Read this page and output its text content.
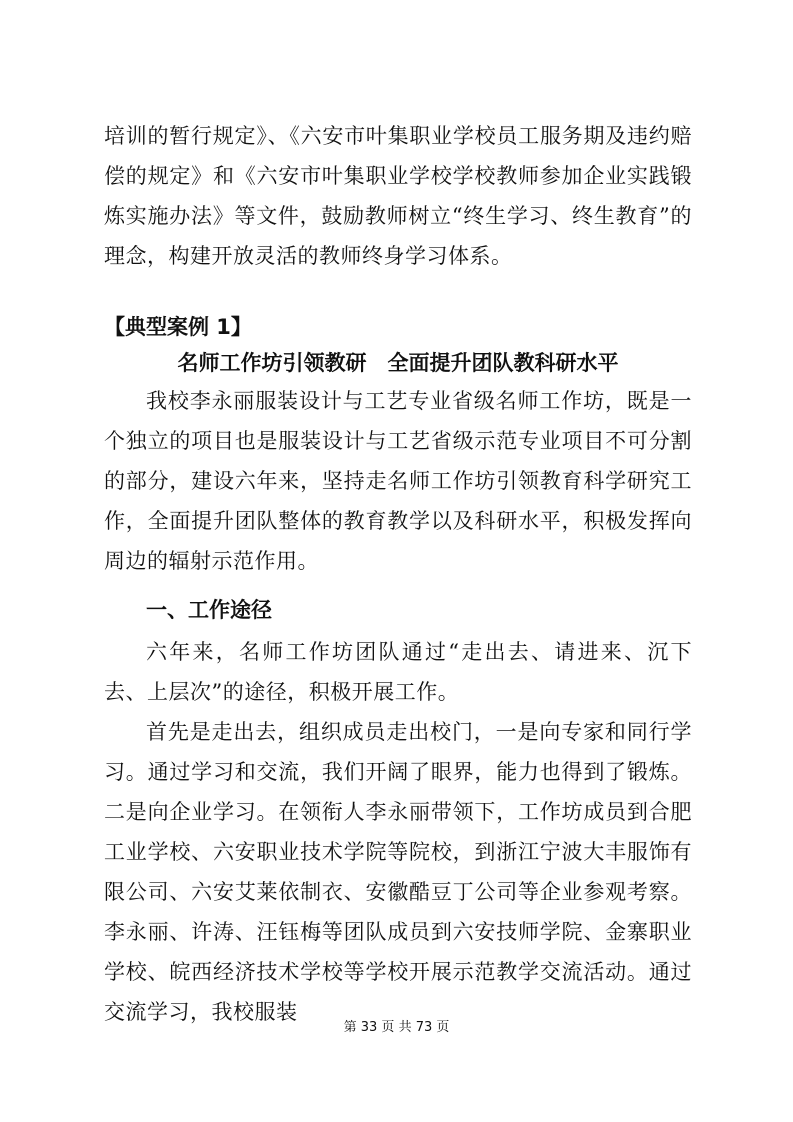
培训的暂行规定》、《六安市叶集职业学校员工服务期及违约赔偿的规定》和《六安市叶集职业学校学校教师参加企业实践锻炼实施办法》等文件，鼓励教师树立“终生学习、终生教育”的理念，构建开放灵活的教师终身学习体系。

【典型案例 1】
名师工作坊引领教研　全面提升团队教科研水平

我校李永丽服装设计与工艺专业省级名师工作坊，既是一个独立的项目也是服装设计与工艺省级示范专业项目不可分割的部分，建设六年来，坚持走名师工作坊引领教育科学研究工作，全面提升团队整体的教育教学以及科研水平，积极发挥向周边的辐射示范作用。

一、工作途径

六年来，名师工作坊团队通过“走出去、请进来、沉下去、上层次”的途径，积极开展工作。

首先是走出去，组织成员走出校门，一是向专家和同行学习。通过学习和交流，我们开阔了眼界，能力也得到了锻炼。二是向企业学习。在领衔人李永丽带领下，工作坊成员到合肥工业学校、六安职业技术学院等院校，到浙江宁波大丰服饰有限公司、六安艾莱依制衣、安徽酷豆丁公司等企业参观考察。李永丽、许涛、汪钰梅等团队成员到六安技师学院、金寨职业学校、皖西经济技术学校等学校开展示范教学交流活动。通过交流学习，我校服装

第 33 页 共 73 页
